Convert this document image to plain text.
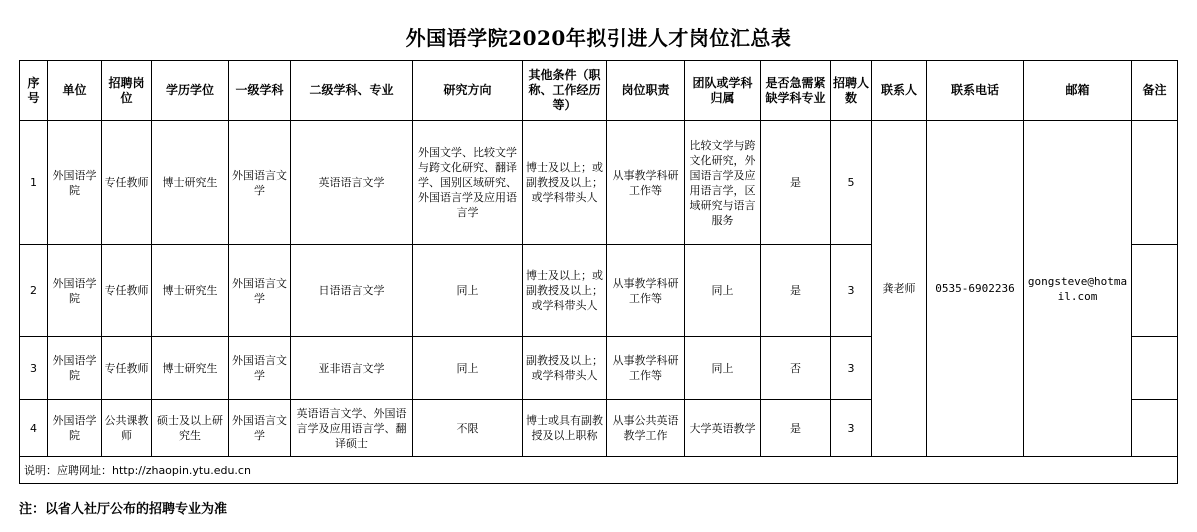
外国语学院2020年拟引进人才岗位汇总表
序号	单位	招聘岗位	学历学位	一级学科	二级学科、专业	研究方向	其他条件（职称、工作经历等）	岗位职责	团队或学科归属	是否急需紧缺学科专业	招聘人数	联系人	联系电话	邮箱	备注
1	外国语学院	专任教师	博士研究生	外国语言文学	英语语言文学	外国文学、比较文学与跨文化研究、翻译学、国别区域研究、外国语言学及应用语言学	博士及以上；或副教授及以上；或学科带头人	从事教学科研工作等	比较文学与跨文化研究，外国语言学及应用语言学，区域研究与语言服务	是	5	龚老师	0535-6902236	gongsteve@hotmail.com	
2	外国语学院	专任教师	博士研究生	外国语言文学	日语语言文学	同上	博士及以上；或副教授及以上；或学科带头人	从事教学科研工作等	同上	是	3				
3	外国语学院	专任教师	博士研究生	外国语言文学	亚非语言文学	同上	副教授及以上；或学科带头人	从事教学科研工作等	同上	否	3				
4	外国语学院	公共课教师	硕士及以上研究生	外国语言文学	英语语言文学、外国语言学及应用语言学、翻译硕士	不限	博士或具有副教授及以上职称	从事公共英语教学工作	大学英语教学	是	3				
说明：应聘网址：http://zhaopin.ytu.edu.cn															
注：以省人社厅公布的招聘专业为准
